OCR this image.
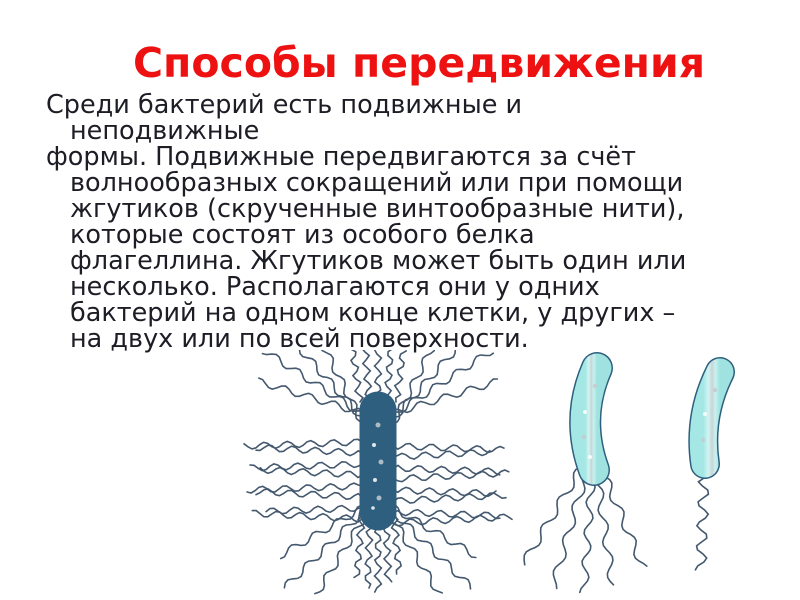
Способы передвижения
Среди бактерий есть подвижные и
неподвижные
формы. Подвижные передвигаются за счёт
волнообразных сокращений или при помощи
жгутиков (скрученные винтообразные нити),
которые состоят из особого белка
флагеллина. Жгутиков может быть один или
несколько. Располагаются они у одних
бактерий на одном конце клетки, у других –
на двух или по всей поверхности.
